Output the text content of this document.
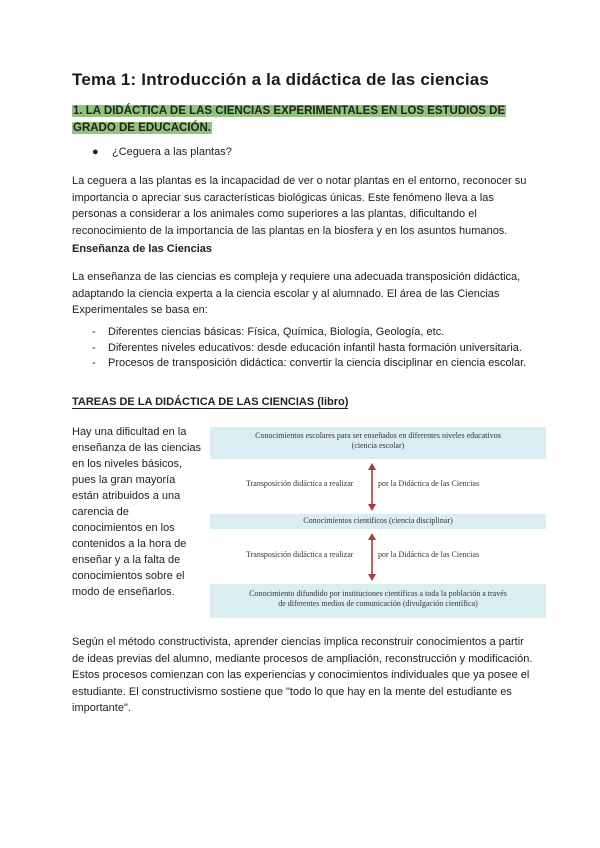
Tema 1: Introducción a la didáctica de las ciencias
1. LA DIDÁCTICA DE LAS CIENCIAS EXPERIMENTALES EN LOS ESTUDIOS DE GRADO DE EDUCACIÓN.
● ¿Ceguera a las plantas?
La ceguera a las plantas es la incapacidad de ver o notar plantas en el entorno, reconocer su importancia o apreciar sus características biológicas únicas. Este fenómeno lleva a las personas a considerar a los animales como superiores a las plantas, dificultando el reconocimiento de la importancia de las plantas en la biosfera y en los asuntos humanos.
Enseñanza de las Ciencias
La enseñanza de las ciencias es compleja y requiere una adecuada transposición didáctica, adaptando la ciencia experta a la ciencia escolar y al alumnado. El área de las Ciencias Experimentales se basa en:
- Diferentes ciencias básicas: Física, Química, Biología, Geología, etc.
- Diferentes niveles educativos: desde educación infantil hasta formación universitaria.
- Procesos de transposición didáctica: convertir la ciencia disciplinar en ciencia escolar.
TAREAS DE LA DIDÁCTICA DE LAS CIENCIAS (libro)
Hay una dificultad en la enseñanza de las ciencias en los niveles básicos, pues la gran mayoría están atribuidos a una carencia de conocimientos en los contenidos a la hora de enseñar y a la falta de conocimientos sobre el modo de enseñarlos.
Conocimientos escolares para ser enseñados en diferentes niveles educativos
(ciencia escolar)
Transposición didáctica a realizar	por la Didáctica de las Ciencias
Conocimientos científicos (ciencia disciplinar)
Transposición didáctica a realizar	por la Didáctica de las Ciencias
Conocimiento difundido por instituciones científicas a toda la población a través
de diferentes medios de comunicación (divulgación científica)
Según el método constructivista, aprender ciencias implica reconstruir conocimientos a partir de ideas previas del alumno, mediante procesos de ampliación, reconstrucción y modificación. Estos procesos comienzan con las experiencias y conocimientos individuales que ya posee el estudiante. El constructivismo sostiene que "todo lo que hay en la mente del estudiante es importante".
